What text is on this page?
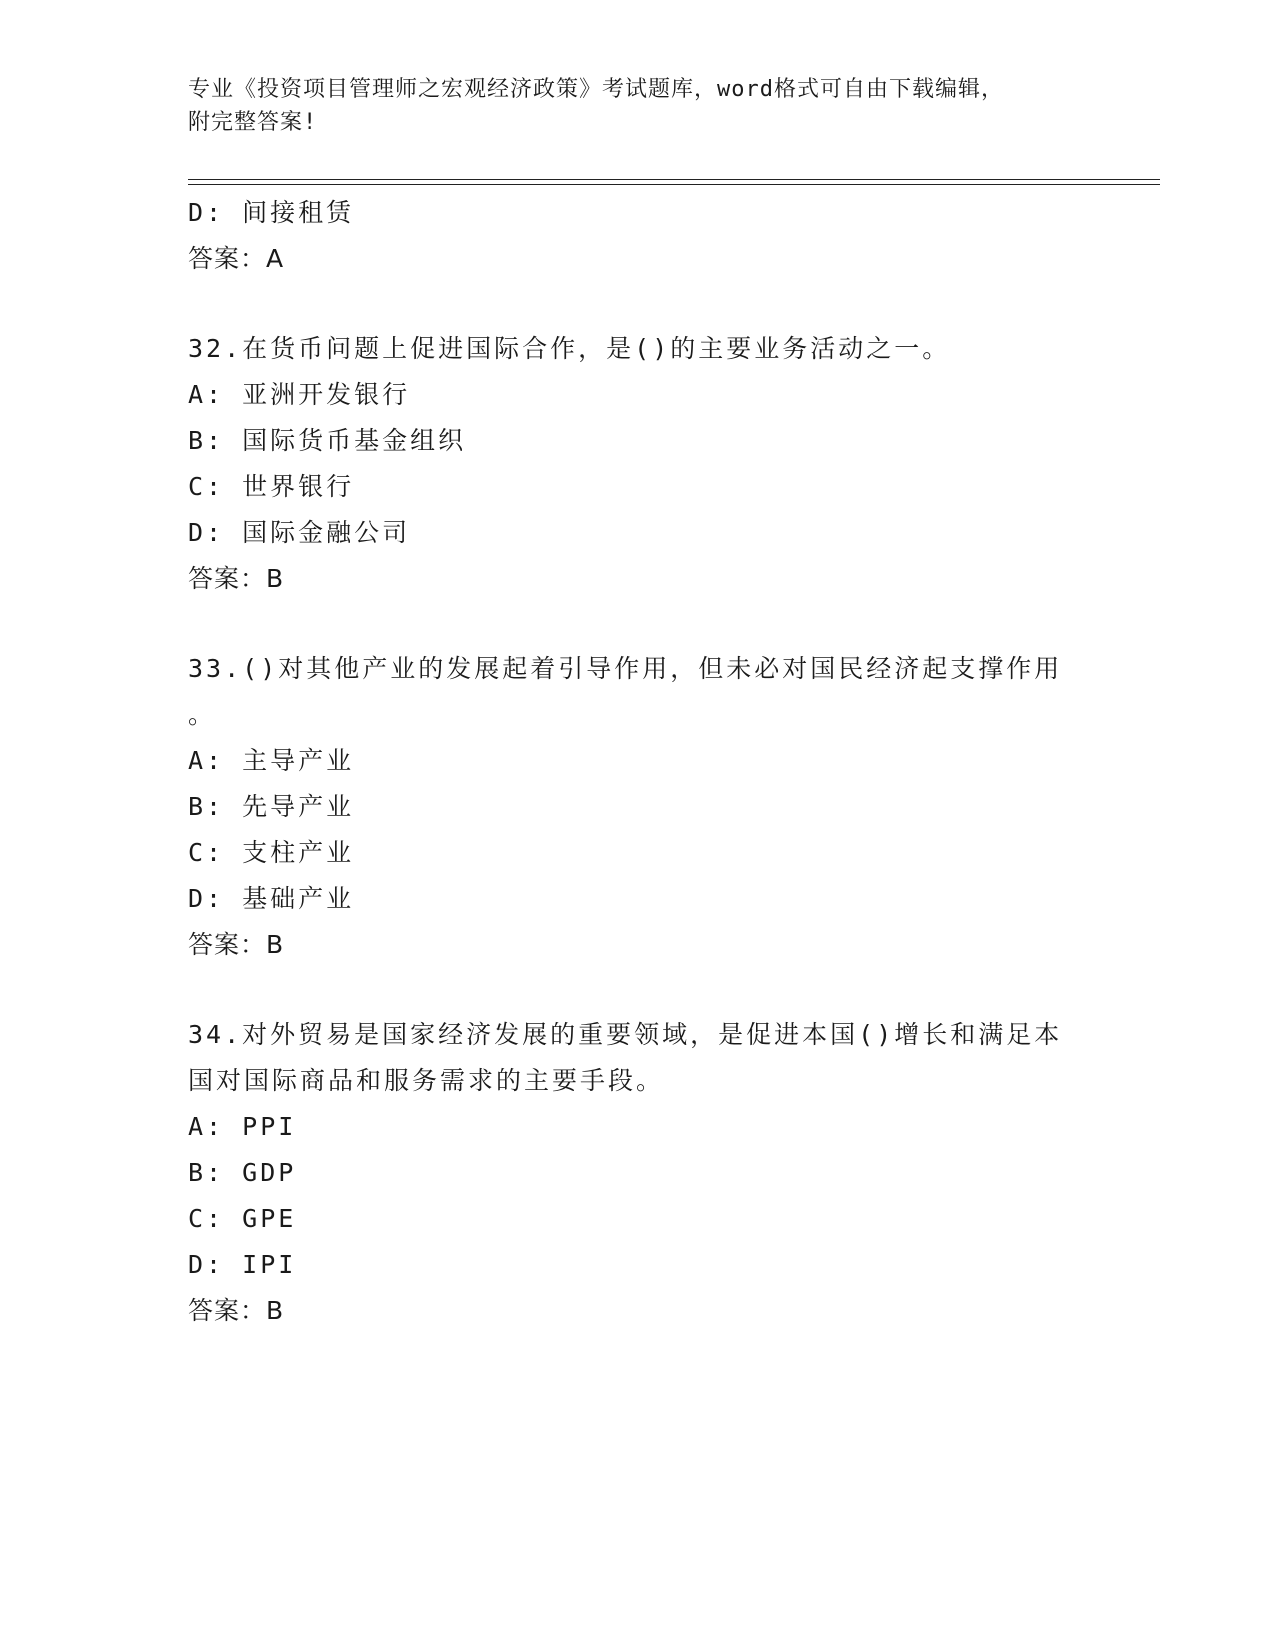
专业《投资项目管理师之宏观经济政策》考试题库，word格式可自由下载编辑，
附完整答案!
D: 间接租赁
答案：A
32.在货币问题上促进国际合作，是()的主要业务活动之一。
A: 亚洲开发银行
B: 国际货币基金组织
C: 世界银行
D: 国际金融公司
答案：B
33.()对其他产业的发展起着引导作用，但未必对国民经济起支撑作用
。
A: 主导产业
B: 先导产业
C: 支柱产业
D: 基础产业
答案：B
34.对外贸易是国家经济发展的重要领域，是促进本国()增长和满足本
国对国际商品和服务需求的主要手段。
A: PPI
B: GDP
C: GPE
D: IPI
答案：B
